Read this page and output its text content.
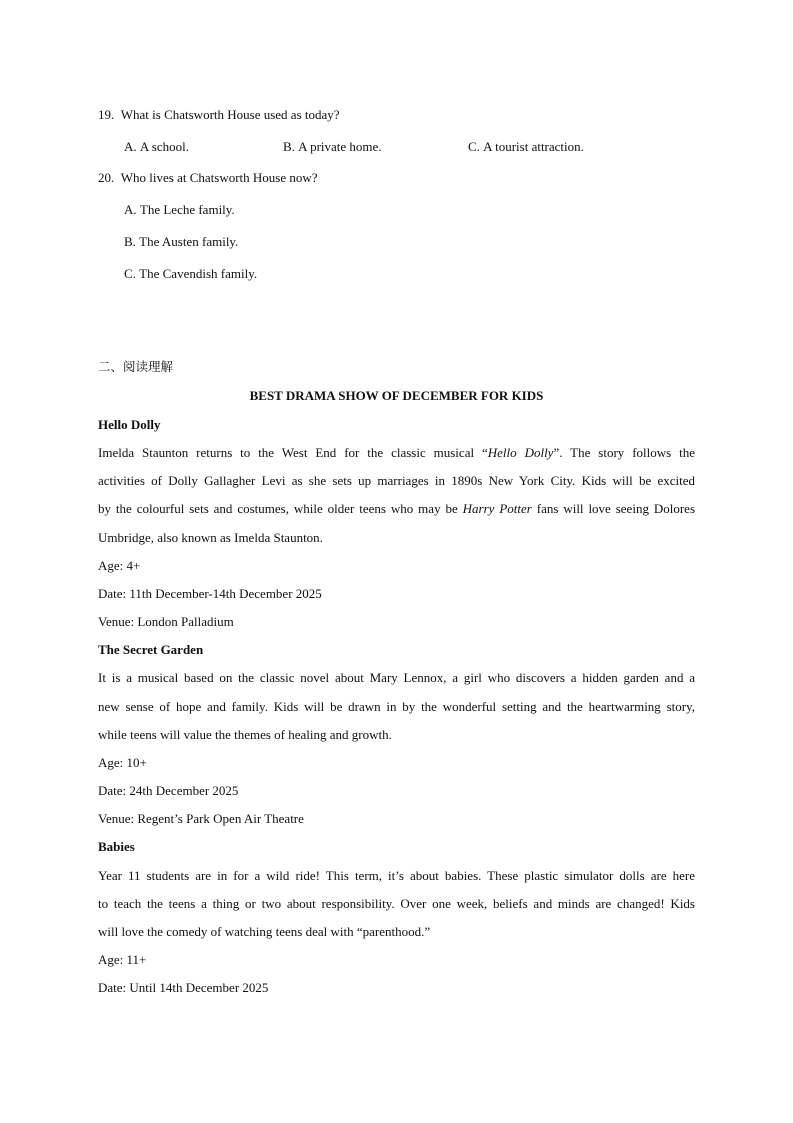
19. What is Chatsworth House used as today?
A. A school.	B. A private home.	C. A tourist attraction.
20. Who lives at Chatsworth House now?
A. The Leche family.
B. The Austen family.
C. The Cavendish family.
二、阅读理解
BEST DRAMA SHOW OF DECEMBER FOR KIDS
Hello Dolly
Imelda Staunton returns to the West End for the classic musical “Hello Dolly”. The story follows the
activities of Dolly Gallagher Levi as she sets up marriages in 1890s New York City. Kids will be excited
by the colourful sets and costumes, while older teens who may be Harry Potter fans will love seeing Dolores
Umbridge, also known as Imelda Staunton.
Age: 4+
Date: 11th December-14th December 2025
Venue: London Palladium
The Secret Garden
It is a musical based on the classic novel about Mary Lennox, a girl who discovers a hidden garden and a
new sense of hope and family. Kids will be drawn in by the wonderful setting and the heartwarming story,
while teens will value the themes of healing and growth.
Age: 10+
Date: 24th December 2025
Venue: Regent’s Park Open Air Theatre
Babies
Year 11 students are in for a wild ride! This term, it’s about babies. These plastic simulator dolls are here
to teach the teens a thing or two about responsibility. Over one week, beliefs and minds are changed! Kids
will love the comedy of watching teens deal with “parenthood.”
Age: 11+
Date: Until 14th December 2025
